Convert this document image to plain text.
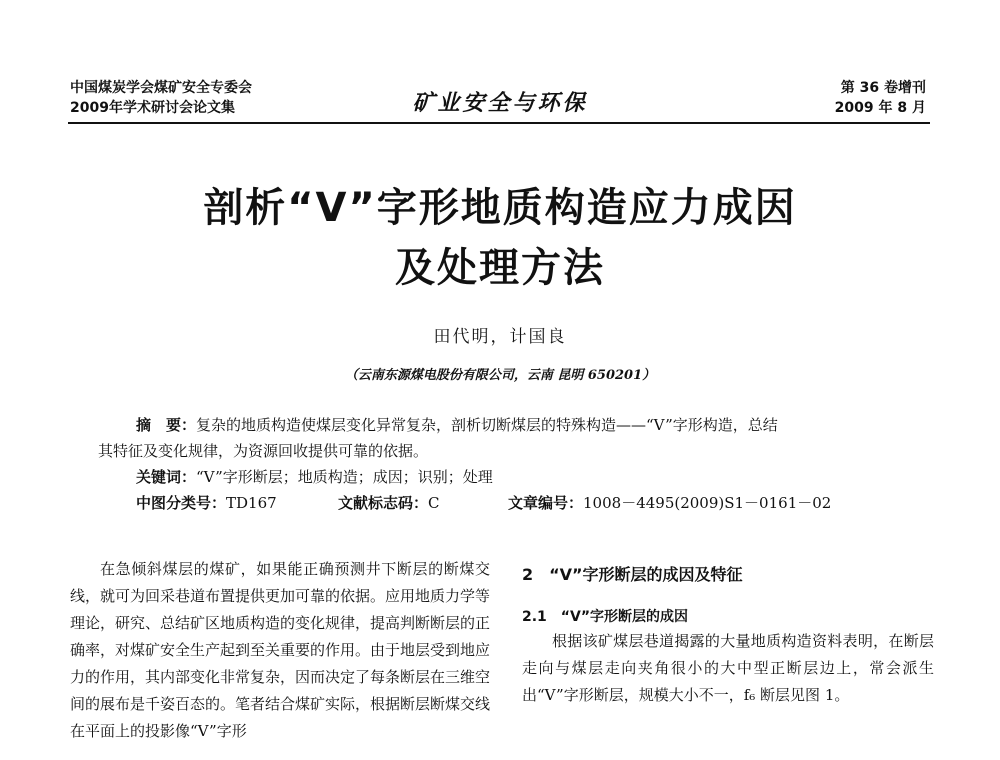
中国煤炭学会煤矿安全专委会
2009年学术研讨会论文集	矿业安全与环保
第 36 卷增刊
2009 年 8 月
剖析“V”字形地质构造应力成因
及处理方法
田代明，计国良
（云南东源煤电股份有限公司，云南 昆明 650201）
摘　要：复杂的地质构造使煤层变化异常复杂，剖析切断煤层的特殊构造——“V”字形构造，总结
其特征及变化规律，为资源回收提供可靠的依据。
关键词：“V”字形断层；地质构造；成因；识别；处理
中图分类号：TD167	文献标志码：C	文章编号：1008－4495(2009)S1－0161－02

在急倾斜煤层的煤矿，如果能正确预测井下断层的断煤交线，就可为回采巷道布置提供更加可靠的依据。应用地质力学等理论，研究、总结矿区地质构造的变化规律，提高判断断层的正确率，对煤矿安全生产起到至关重要的作用。由于地层受到地应力的作用，其内部变化非常复杂，因而决定了每条断层在三维空间的展布是千姿百态的。笔者结合煤矿实际，根据断层断煤交线在平面上的投影像“V”字形

2　“V”字形断层的成因及特征
2.1　“V”字形断层的成因

根据该矿煤层巷道揭露的大量地质构造资料表明，在断层走向与煤层走向夹角很小的大中型正断层边上，常会派生出“V”字形断层，规模大小不一，f₆ 断层见图 1。
